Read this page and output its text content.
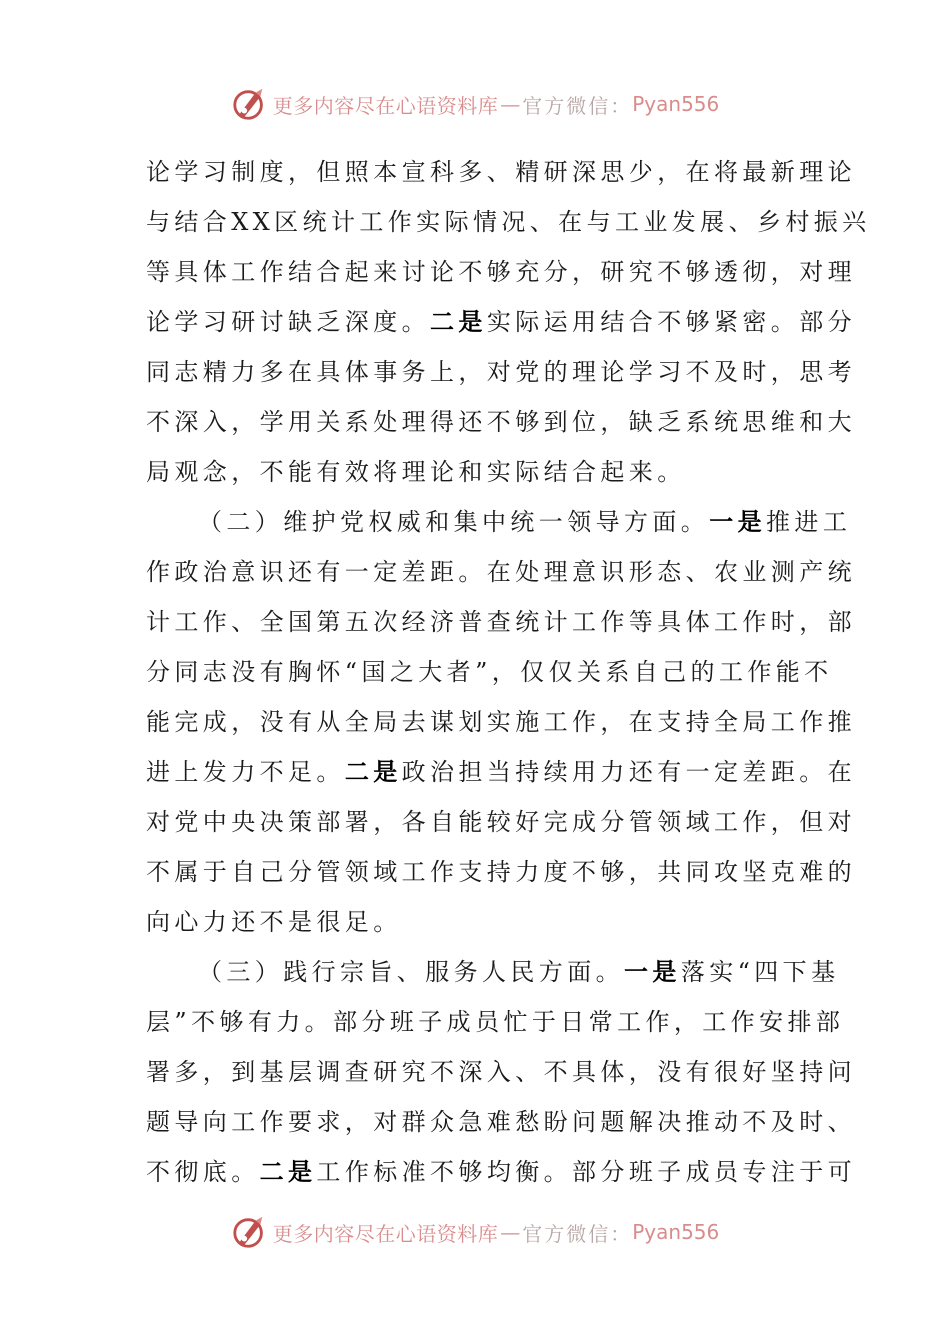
更多内容尽在心语资料库 — 官方微信： Pyan556
论学习制度，但照本宣科多、精研深思少，在将最新理论
与结合XX区统计工作实际情况、在与工业发展、乡村振兴
等具体工作结合起来讨论不够充分，研究不够透彻，对理
论学习研讨缺乏深度。二是实际运用结合不够紧密。部分
同志精力多在具体事务上，对党的理论学习不及时，思考
不深入，学用关系处理得还不够到位，缺乏系统思维和大
局观念，不能有效将理论和实际结合起来。
（二）维护党权威和集中统一领导方面。一是推进工
作政治意识还有一定差距。在处理意识形态、农业测产统
计工作、全国第五次经济普查统计工作等具体工作时，部
分同志没有胸怀“国之大者”，仅仅关系自己的工作能不
能完成，没有从全局去谋划实施工作，在支持全局工作推
进上发力不足。二是政治担当持续用力还有一定差距。在
对党中央决策部署，各自能较好完成分管领域工作，但对
不属于自己分管领域工作支持力度不够，共同攻坚克难的
向心力还不是很足。
（三）践行宗旨、服务人民方面。一是落实“四下基
层”不够有力。部分班子成员忙于日常工作，工作安排部
署多，到基层调查研究不深入、不具体，没有很好坚持问
题导向工作要求，对群众急难愁盼问题解决推动不及时、
不彻底。二是工作标准不够均衡。部分班子成员专注于可
更多内容尽在心语资料库 — 官方微信： Pyan556
